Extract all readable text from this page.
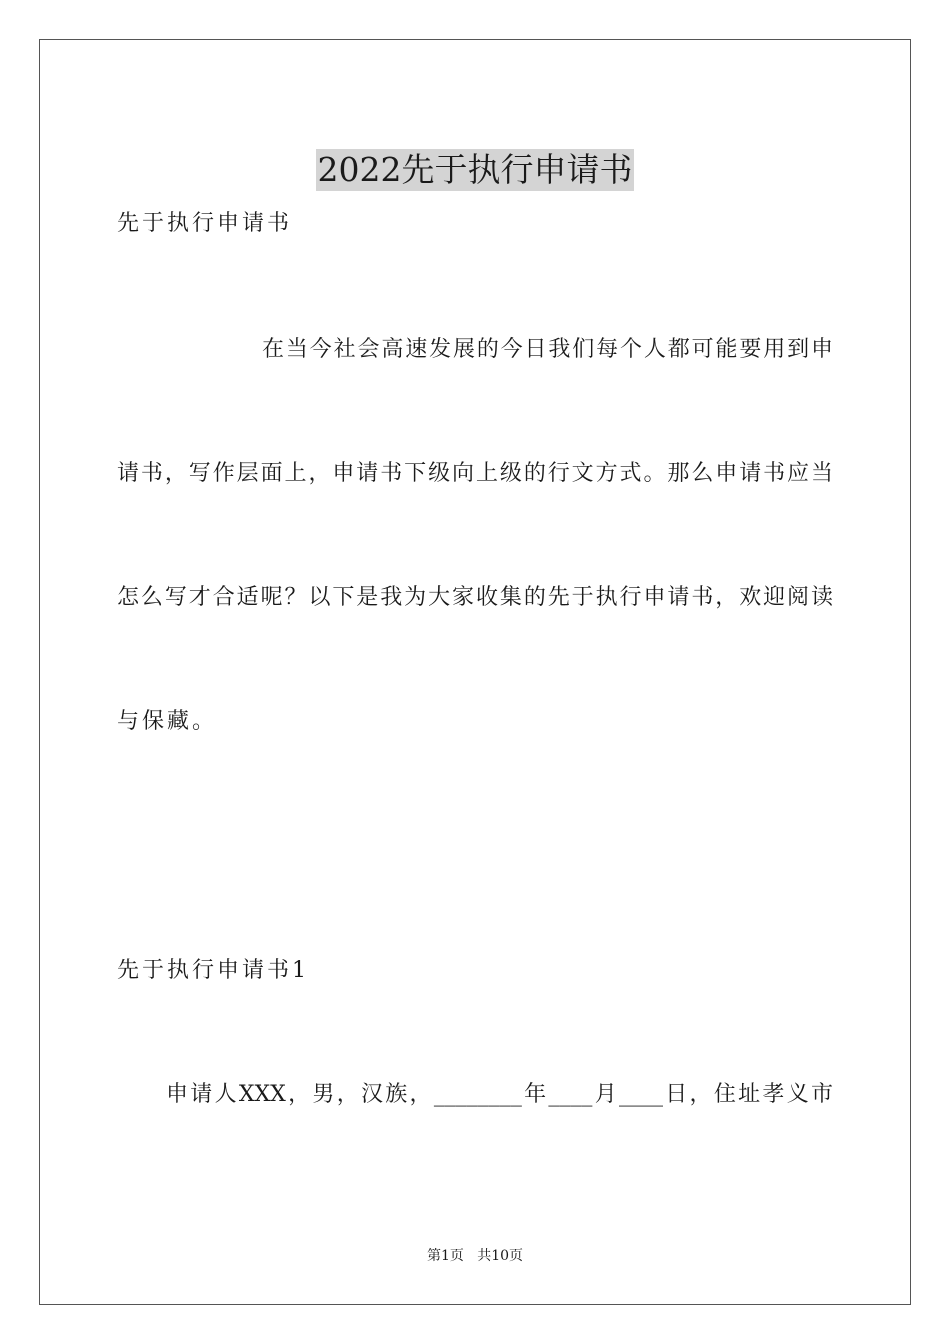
2022先于执行申请书
先于执行申请书
在当今社会高速发展的今日我们每个人都可能要用到申
请书，写作层面上，申请书下级向上级的行文方式。那么申请书应当
怎么写才合适呢？以下是我为大家收集的先于执行申请书，欢迎阅读
与保藏。
先于执行申请书1
申请人XXX，男，汉族，________年____月____日，住址孝义市
第1页   共10页
